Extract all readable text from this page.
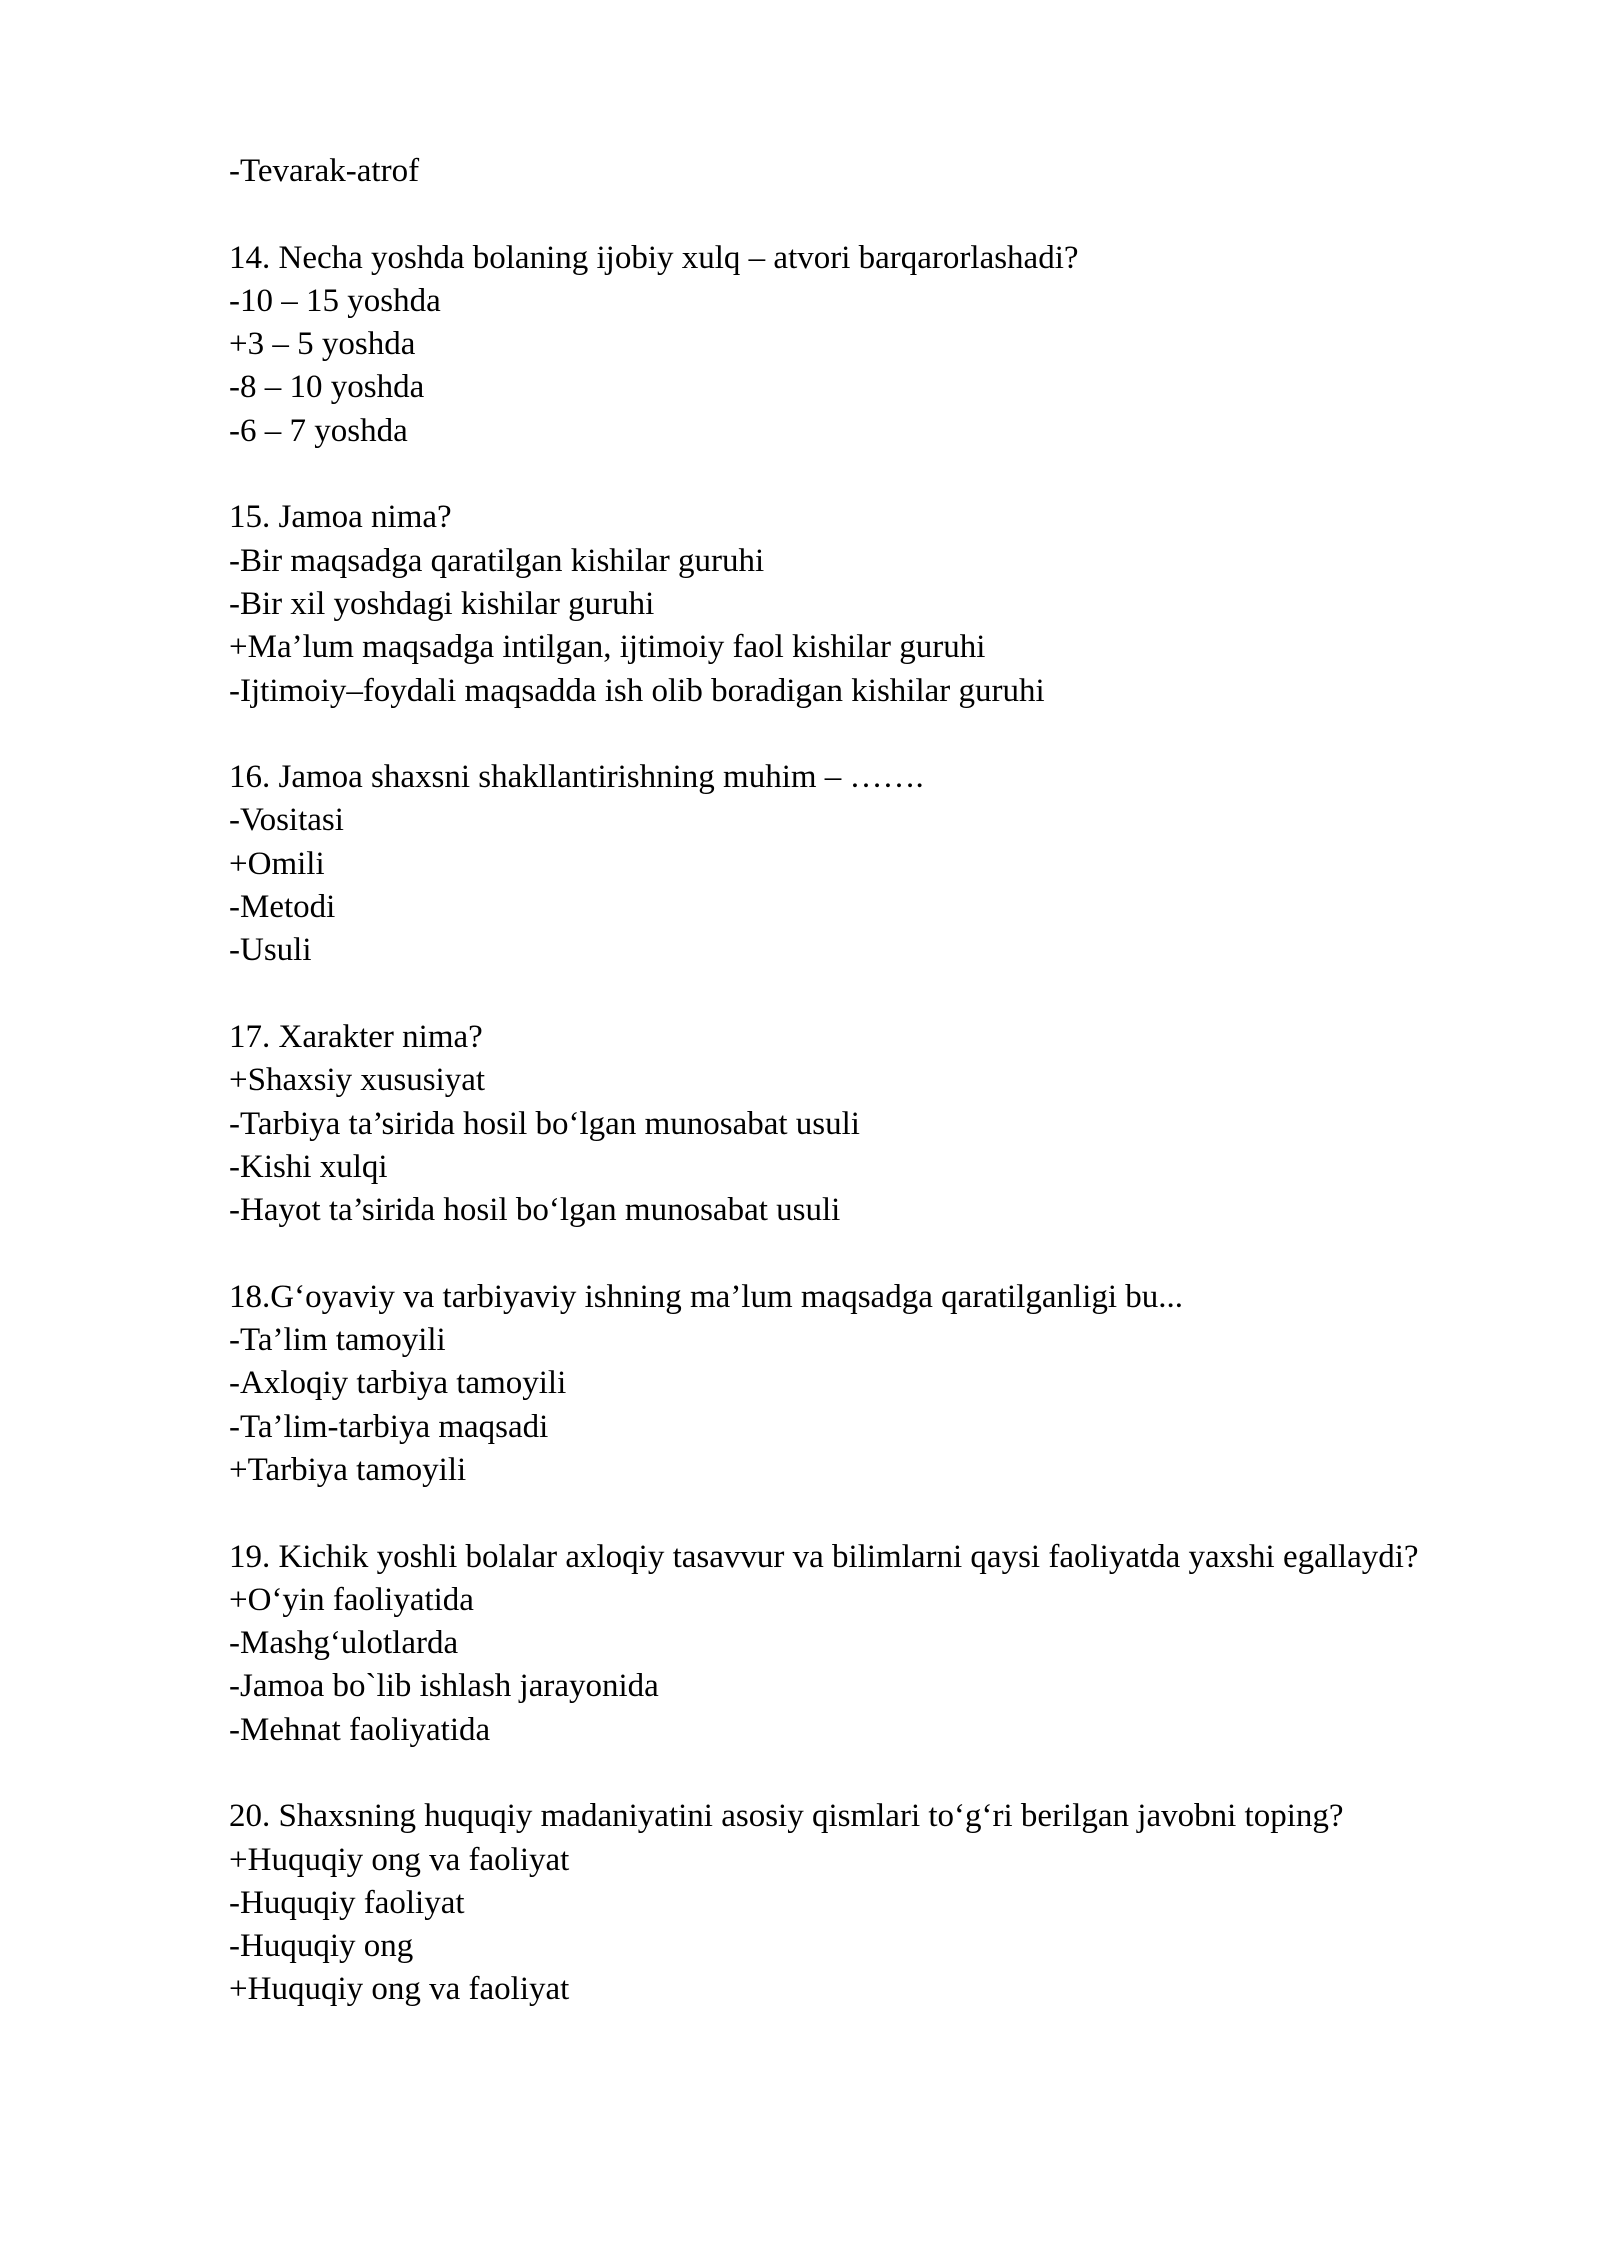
-Tevarak-atrof
14. Necha yoshda bolaning ijobiy xulq – atvori barqarorlashadi?
-10 – 15 yoshda
+3 – 5 yoshda
-8 – 10 yoshda
-6 – 7 yoshda
15. Jamoa nima?
-Bir maqsadga qaratilgan kishilar guruhi
-Bir xil yoshdagi kishilar guruhi
+Ma’lum maqsadga intilgan, ijtimoiy faol kishilar guruhi
-Ijtimoiy–foydali maqsadda ish olib boradigan kishilar guruhi
16. Jamoa shaxsni shakllantirishning muhim – …….
-Vositasi
+Omili
-Metodi
-Usuli
17. Xarakter nima?
+Shaxsiy xususiyat
-Tarbiya ta’sirida hosil bo‘lgan munosabat usuli
-Kishi xulqi
-Hayot ta’sirida hosil bo‘lgan munosabat usuli
18.G‘oyaviy va tarbiyaviy ishning ma’lum maqsadga qaratilganligi bu...
-Ta’lim tamoyili
-Axloqiy tarbiya tamoyili
-Ta’lim-tarbiya maqsadi
+Tarbiya tamoyili
19. Kichik yoshli bolalar axloqiy tasavvur va bilimlarni qaysi faoliyatda yaxshi egallaydi?
+O‘yin faoliyatida
-Mashg‘ulotlarda
-Jamoa bo`lib ishlash jarayonida
-Mehnat faoliyatida
20. Shaxsning huquqiy madaniyatini asosiy qismlari to‘g‘ri berilgan javobni toping?
+Huquqiy ong va faoliyat
-Huquqiy faoliyat
-Huquqiy ong
+Huquqiy ong va faoliyat
